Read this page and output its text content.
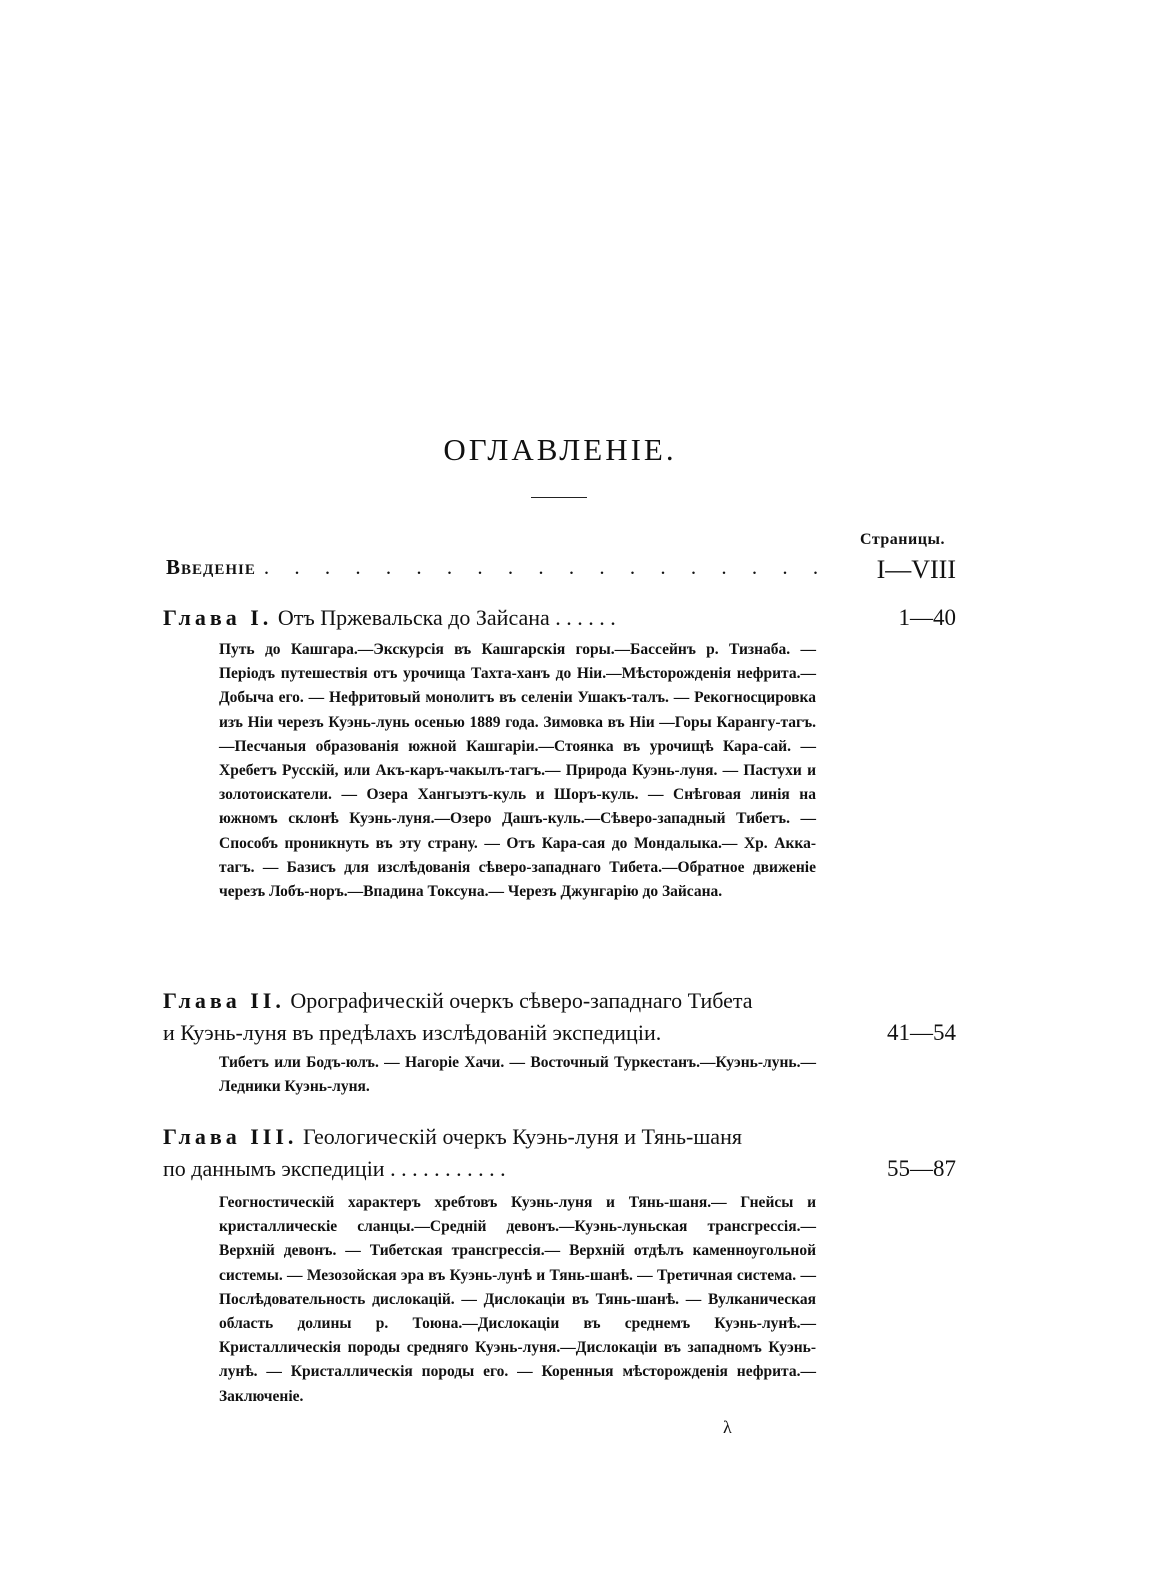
ОГЛАВЛЕНІЕ.
Страницы.
Введеніе . . . . . . . . . . . . . . . . . . . I—VIII
Глава I. Отъ Пржевальска до Зайсана . . . . . .	1—40
Путь до Кашгара.—Экскурсія въ Кашгарскія горы.—Бассейнъ р. Тизнаба. — Періодъ путешествія отъ урочища Тахта-ханъ до Ніи.—Мѣсторожденія нефрита.—Добыча его. — Нефритовый монолитъ въ селеніи Ушакъ-талъ. — Рекогносцировка изъ Ніи черезъ Куэнь-лунь осенью 1889 года. Зимовка въ Ніи —Горы Карангу-тагъ.—Песчаныя образованія южной Кашгаріи.—Стоянка въ урочищѣ Кара-сай. — Хребетъ Русскій, или Акъ-каръ-чакылъ-тагъ.— Природа Куэнь-луня. — Пастухи и золотоискатели. — Озера Хангыэтъ-куль и Шоръ-куль. — Снѣговая линія на южномъ склонѣ Куэнь-луня.—Озеро Дашъ-куль.—Сѣверо-западный Тибетъ. — Способъ проникнуть въ эту страну. — Отъ Кара-сая до Мондалыка.— Хр. Акка-тагъ. — Базисъ для изслѣдованія сѣверо-западнаго Тибета.—Обратное движеніе черезъ Лобъ-норъ.—Впадина Токсуна.— Черезъ Джунгарію до Зайсана.
Глава II. Орографическій очеркъ сѣверо-западнаго Тибета
и Куэнь-луня въ предѣлахъ изслѣдованій экспедиціи.	41—54
Тибетъ или Бодъ-юлъ. — Нагоріе Хачи. — Восточный Туркестанъ.—Куэнь-лунь.—Ледники Куэнь-луня.
Глава III. Геологическій очеркъ Куэнь-луня и Тянь-шаня
по даннымъ экспедиціи . . . . . . . . . . .	55—87
Геогностическій характеръ хребтовъ Куэнь-луня и Тянь-шаня.— Гнейсы и кристаллическіе сланцы.—Средній девонъ.—Куэнь-луньская трансгрессія.—Верхній девонъ. — Тибетская трансгрессія.— Верхній отдѣлъ каменноугольной системы. — Мезозойская эра въ Куэнь-лунѣ и Тянь-шанѣ. — Третичная система. — Послѣдовательность дислокацій. — Дислокаціи въ Тянь-шанѣ. — Вулканическая область долины р. Тоюна.—Дислокаціи въ среднемъ Куэнь-лунѣ.— Кристаллическія породы средняго Куэнь-луня.—Дислокаціи въ западномъ Куэнь-лунѣ. — Кристаллическія породы его. — Коренныя мѣсторожденія нефрита.—Заключеніе.
λ
